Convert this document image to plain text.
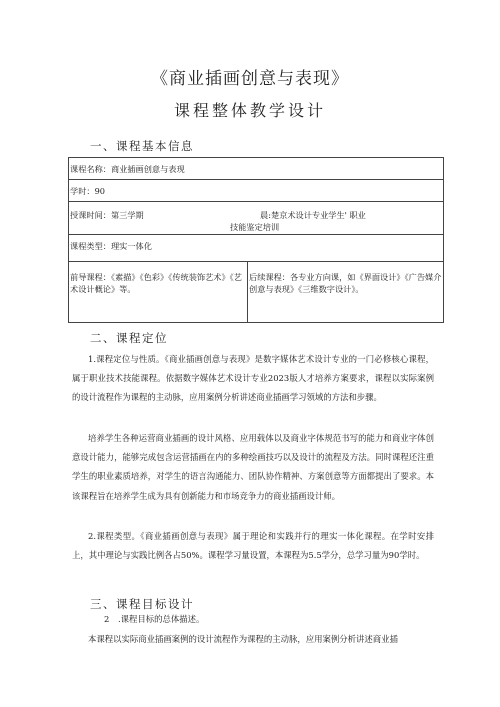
《商业插画创意与表现》
课程整体教学设计
一、课程基本信息
课程名称：商业插画创意与表现

学时：90

授课时间：第三学期	晨:楚京术设计专业学生' 职业
技能鉴定培训

课程类型：理实一体化

前导课程：《素描》《色彩》《传统装饰艺术》《艺术设计概论》等。

后续课程：各专业方向课，如《界面设计》《广告媒介创意与表现》《三维数字设计》。
二、课程定位

1.课程定位与性质。《商业插画创意与表现》是数字媒体艺术设计专业的一门必修核心课程，属于职业技术技能课程。依据数字媒体艺术设计专业2023版人才培养方案要求，课程以实际案例的设计流程作为课程的主动脉，应用案例分析讲述商业插画学习领域的方法和步骤。

培养学生各种运营商业插画的设计风格、应用载体以及商业字体规范书写的能力和商业字体创意设计能力，能够完成包含运营插画在内的多种绘画技巧以及设计的流程及方法。同时课程还注重学生的职业素质培养，对学生的语言沟通能力、团队协作精神、方案创意等方面都提出了要求。本该课程旨在培养学生成为具有创新能力和市场竞争力的商业插画设计师。

2.课程类型。《商业插画创意与表现》属于理论和实践并行的理实一体化课程。在学时安排上，其中理论与实践比例各占50%。课程学习量设置，本课程为5.5学分，总学习量为90学时。

三、课程目标设计

2 .课程目标的总体描述。

本课程以实际商业插画案例的设计流程作为课程的主动脉，应用案例分析讲述商业插
